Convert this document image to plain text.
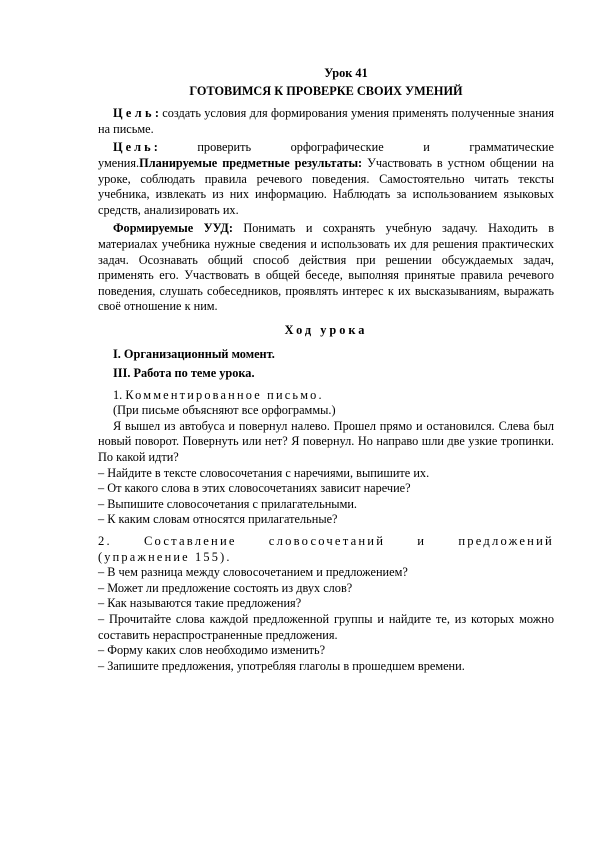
Урок 41
ГОТОВИМСЯ К ПРОВЕРКЕ СВОИХ УМЕНИЙ

Ц е л ь : создать условия для формирования умения применять полученные знания на письме.

Ц е л ь :	проверить	орфографические	и	грамматические

умения.Планируемые предметные результаты: Участвовать в устном общении на уроке, соблюдать правила речевого поведения. Самостоятельно читать тексты учебника, извлекать из них информацию. Наблюдать за использованием языковых средств, анализировать их.

Формируемые УУД: Понимать и сохранять учебную задачу. Находить в материалах учебника нужные сведения и использовать их для решения практических задач. Осознавать общий способ действия при решении обсуждаемых задач, применять его. Участвовать в общей беседе, выполняя принятые правила речевого поведения, слушать собеседников, проявлять интерес к их высказываниям, выражать своё отношение к ним.

Ход урока

I. Организационный момент.

III. Работа по теме урока.

1. Комментированное письмо.

(При письме объясняют все орфограммы.)

Я вышел из автобуса и повернул налево. Прошел прямо и остановился. Слева был новый поворот. Повернуть или нет? Я повернул. Но направо шли две узкие тропинки. По какой идти?

– Найдите в тексте словосочетания с наречиями, выпишите их.

– От какого слова в этих словосочетаниях зависит наречие?

– Выпишите словосочетания с прилагательными.

– К каким словам относятся прилагательные?

2.	Составление	словосочетаний	и	предложений

(упражнение 155).

– В чем разница между словосочетанием и предложением?

– Может ли предложение состоять из двух слов?

– Как называются такие предложения?

– Прочитайте слова каждой предложенной группы и найдите те, из которых можно составить нераспространенные предложения.

– Форму каких слов необходимо изменить?

– Запишите предложения, употребляя глаголы в прошедшем времени.
